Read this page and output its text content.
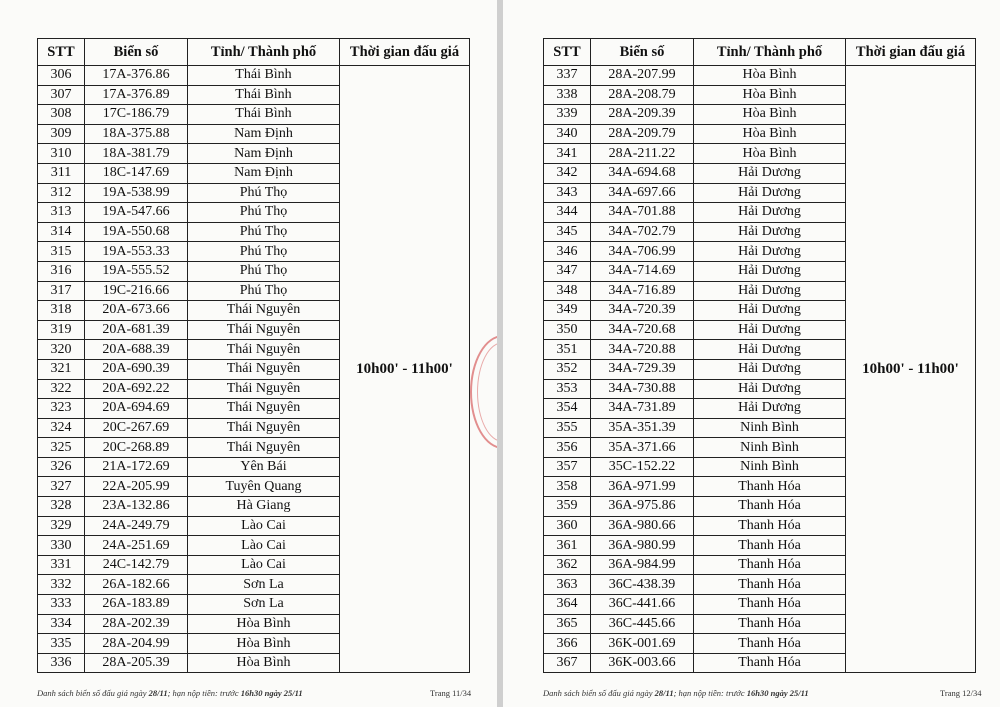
STT	Biển số	Tỉnh/ Thành phố	Thời gian đấu giá
306	17A-376.86	Thái Bình	10h00' - 11h00'
307	17A-376.89	Thái Bình	
308	17C-186.79	Thái Bình	
309	18A-375.88	Nam Định	
310	18A-381.79	Nam Định	
311	18C-147.69	Nam Định	
312	19A-538.99	Phú Thọ	
313	19A-547.66	Phú Thọ	
314	19A-550.68	Phú Thọ	
315	19A-553.33	Phú Thọ	
316	19A-555.52	Phú Thọ	
317	19C-216.66	Phú Thọ	
318	20A-673.66	Thái Nguyên	
319	20A-681.39	Thái Nguyên	
320	20A-688.39	Thái Nguyên	
321	20A-690.39	Thái Nguyên	
322	20A-692.22	Thái Nguyên	
323	20A-694.69	Thái Nguyên	
324	20C-267.69	Thái Nguyên	
325	20C-268.89	Thái Nguyên	
326	21A-172.69	Yên Bái	
327	22A-205.99	Tuyên Quang	
328	23A-132.86	Hà Giang	
329	24A-249.79	Lào Cai	
330	24A-251.69	Lào Cai	
331	24C-142.79	Lào Cai	
332	26A-182.66	Sơn La	
333	26A-183.89	Sơn La	
334	28A-202.39	Hòa Bình	
335	28A-204.99	Hòa Bình	
336	28A-205.39	Hòa Bình	
Danh sách biển số đấu giá ngày 28/11; hạn nộp tiền: trước 16h30 ngày 25/11	Trang 11/34
STT	Biển số	Tỉnh/ Thành phố	Thời gian đấu giá
337	28A-207.99	Hòa Bình	10h00' - 11h00'
338	28A-208.79	Hòa Bình	
339	28A-209.39	Hòa Bình	
340	28A-209.79	Hòa Bình	
341	28A-211.22	Hòa Bình	
342	34A-694.68	Hải Dương	
343	34A-697.66	Hải Dương	
344	34A-701.88	Hải Dương	
345	34A-702.79	Hải Dương	
346	34A-706.99	Hải Dương	
347	34A-714.69	Hải Dương	
348	34A-716.89	Hải Dương	
349	34A-720.39	Hải Dương	
350	34A-720.68	Hải Dương	
351	34A-720.88	Hải Dương	
352	34A-729.39	Hải Dương	
353	34A-730.88	Hải Dương	
354	34A-731.89	Hải Dương	
355	35A-351.39	Ninh Bình	
356	35A-371.66	Ninh Bình	
357	35C-152.22	Ninh Bình	
358	36A-971.99	Thanh Hóa	
359	36A-975.86	Thanh Hóa	
360	36A-980.66	Thanh Hóa	
361	36A-980.99	Thanh Hóa	
362	36A-984.99	Thanh Hóa	
363	36C-438.39	Thanh Hóa	
364	36C-441.66	Thanh Hóa	
365	36C-445.66	Thanh Hóa	
366	36K-001.69	Thanh Hóa	
367	36K-003.66	Thanh Hóa	
Danh sách biển số đấu giá ngày 28/11; hạn nộp tiền: trước 16h30 ngày 25/11	Trang 12/34
